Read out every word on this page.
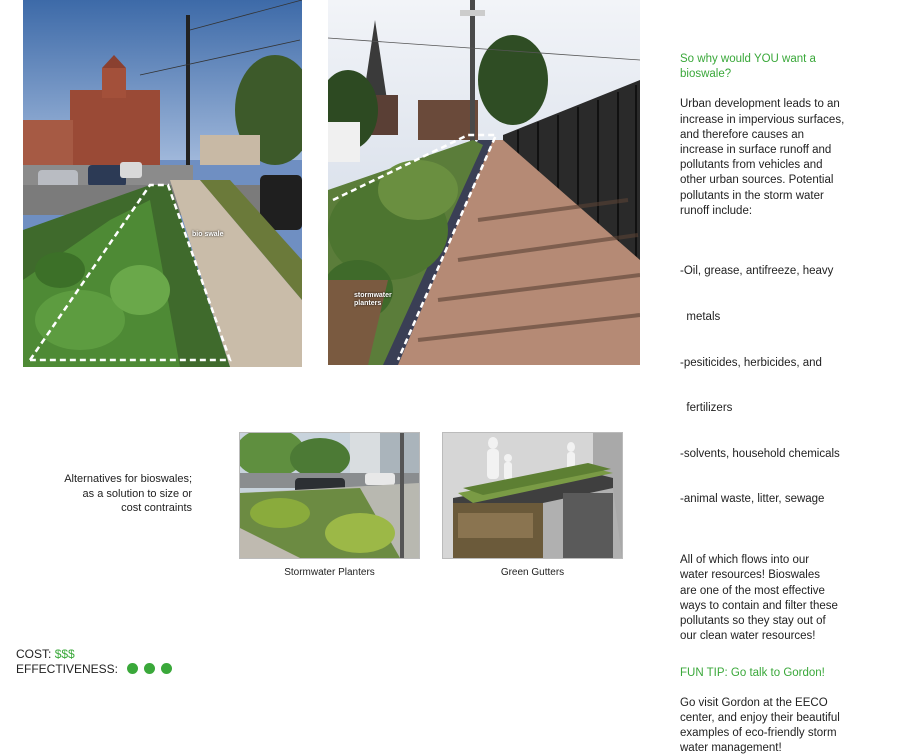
bio swale
stormwater
planters
So why would YOU want a
bioswale?
Urban development leads to an
increase in impervious surfaces,
and therefore causes an
increase in surface runoff and
pollutants from vehicles and
other urban sources. Potential
pollutants in the storm water
runoff include:

-Oil, grease, antifreeze, heavy

metals

-pesiticides, herbicides, and

fertilizers

-solvents, household chemicals

-animal waste, litter, sewage

All of which flows into our
water resources! Bioswales
are one of the most effective
ways to contain and filter these
pollutants so they stay out of
our clean water resources!
FUN TIP: Go talk to Gordon!
Go visit Gordon at the EECO
center, and enjoy their beautiful
examples of eco-friendly storm
water management!
Alternatives for bioswales;
as a solution to size or
cost contraints
Stormwater Planters	Green Gutters
COST: $$$
EFFECTIVENESS:
